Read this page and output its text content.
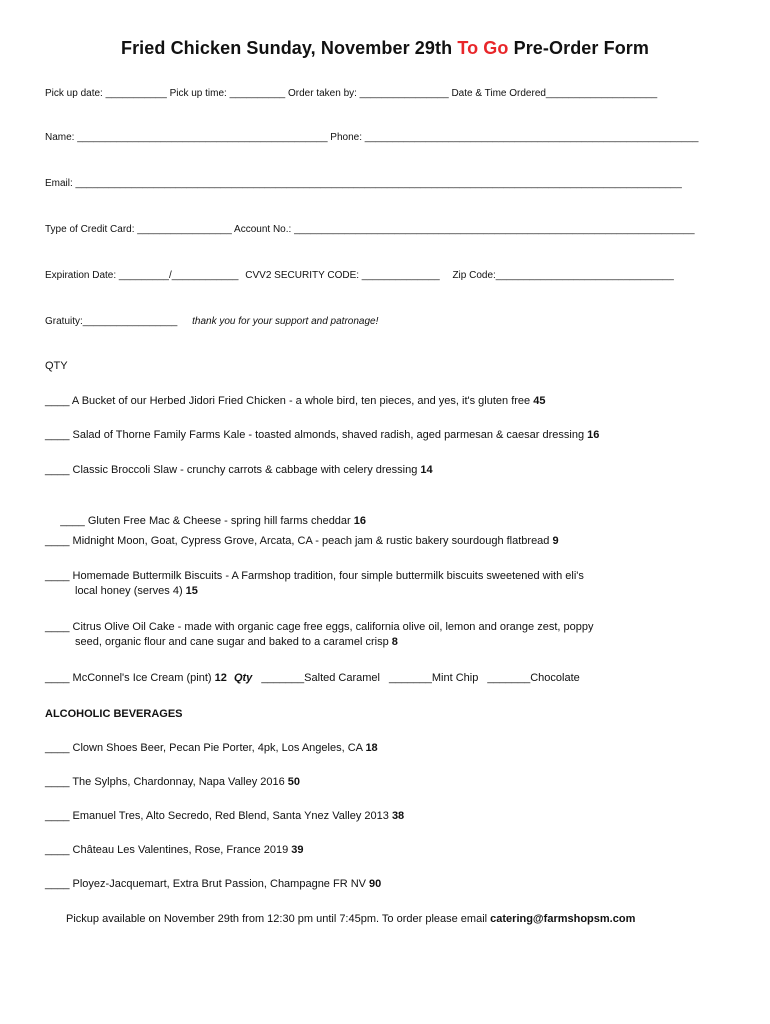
Fried Chicken Sunday, November 29th To Go Pre-Order Form
Pick up date: ___________ Pick up time: __________ Order taken by: ________________ Date & Time Ordered____________________
Name: _____________________________________________ Phone: ____________________________________________________________
Email: _____________________________________________________________________________________________________________
Type of Credit Card: _________________ Account No.: ________________________________________________________________________
Expiration Date: _________/____________ CVV2 SECURITY CODE: ______________ Zip Code:________________________________
Gratuity:_________________ thank you for your support and patronage!
QTY
____ A Bucket of our Herbed Jidori Fried Chicken - a whole bird, ten pieces, and yes, it's gluten free 45
____ Salad of Thorne Family Farms Kale - toasted almonds, shaved radish, aged parmesan & caesar dressing 16
____ Classic Broccoli Slaw - crunchy carrots & cabbage with celery dressing 14

____ Gluten Free Mac & Cheese - spring hill farms cheddar 16

____ Midnight Moon, Goat, Cypress Grove, Arcata, CA - peach jam & rustic bakery sourdough flatbread 9
____ Homemade Buttermilk Biscuits - A Farmshop tradition, four simple buttermilk biscuits sweetened with eli's
local honey (serves 4) 15
____ Citrus Olive Oil Cake - made with organic cage free eggs, california olive oil, lemon and orange zest, poppy
seed, organic flour and cane sugar and baked to a caramel crisp 8
____ McConnel's Ice Cream (pint) 12 Qty _______Salted Caramel _______Mint Chip _______Chocolate
ALCOHOLIC BEVERAGES
____ Clown Shoes Beer, Pecan Pie Porter, 4pk, Los Angeles, CA 18
____ The Sylphs, Chardonnay, Napa Valley 2016 50
____ Emanuel Tres, Alto Secredo, Red Blend, Santa Ynez Valley 2013 38
____ Château Les Valentines, Rose, France 2019 39
____ Ployez-Jacquemart, Extra Brut Passion, Champagne FR NV 90
Pickup available on November 29th from 12:30 pm until 7:45pm. To order please email catering@farmshopsm.com
